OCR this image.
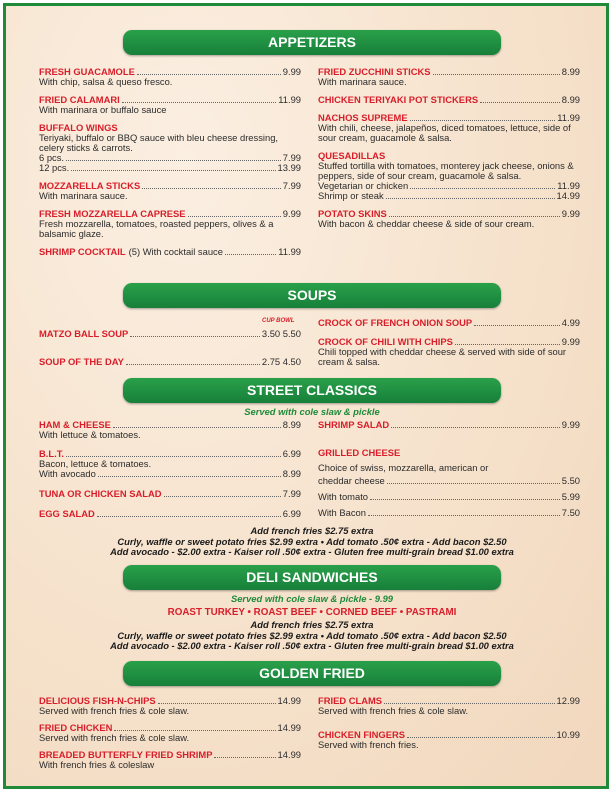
APPETIZERS
FRESH GUACAMOLE	9.99
With chip, salsa & queso fresco.
FRIED CALAMARI	11.99
With marinara or buffalo sauce
BUFFALO WINGS
Teriyaki, buffalo or BBQ sauce with bleu cheese dressing, celery sticks & carrots.
6 pcs.	7.99
12 pcs.	13.99
MOZZARELLA STICKS	7.99
With marinara sauce.
FRESH MOZZARELLA CAPRESE	9.99
Fresh mozzarella, tomatoes, roasted peppers, olives & a balsamic glaze.
SHRIMP COCKTAIL (5) With cocktail sauce	11.99
FRIED ZUCCHINI STICKS	8.99
With marinara sauce.
CHICKEN TERIYAKI POT STICKERS	8.99
NACHOS SUPREME	11.99
With chili, cheese, jalapeños, diced tomatoes, lettuce, side of sour cream, guacamole & salsa.
QUESADILLAS
Stuffed tortilla with tomatoes, monterey jack cheese, onions & peppers, side of sour cream, guacamole & salsa.
Vegetarian or chicken	11.99
Shrimp or steak	14.99
POTATO SKINS	9.99
With bacon & cheddar cheese & side of sour cream.
SOUPS
CUP BOWL
MATZO BALL SOUP	3.50 5.50
SOUP OF THE DAY	2.75 4.50
CROCK OF FRENCH ONION SOUP	4.99
CROCK OF CHILI WITH CHIPS	9.99
Chili topped with cheddar cheese & served with side of sour cream & salsa.
STREET CLASSICS
Served with cole slaw & pickle
HAM & CHEESE	8.99
With lettuce & tomatoes.
B.L.T.	6.99
Bacon, lettuce & tomatoes.
With avocado	8.99
TUNA OR CHICKEN SALAD	7.99
EGG SALAD	6.99
SHRIMP SALAD	9.99
GRILLED CHEESE
Choice of swiss, mozzarella, american or
cheddar cheese	5.50
With tomato	5.99
With Bacon	7.50
Add french fries $2.75 extra
Curly, waffle or sweet potato fries $2.99 extra • Add tomato .50¢ extra - Add bacon $2.50
Add avocado - $2.00 extra - Kaiser roll .50¢ extra - Gluten free multi-grain bread $1.00 extra
DELI SANDWICHES
Served with cole slaw & pickle - 9.99
ROAST TURKEY • ROAST BEEF • CORNED BEEF • PASTRAMI
Add french fries $2.75 extra
Curly, waffle or sweet potato fries $2.99 extra • Add tomato .50¢ extra - Add bacon $2.50
Add avocado - $2.00 extra - Kaiser roll .50¢ extra - Gluten free multi-grain bread $1.00 extra
GOLDEN FRIED
DELICIOUS FISH-N-CHIPS	14.99
Served with french fries & cole slaw.
FRIED CHICKEN	14.99
Served with french fries & cole slaw.
BREADED BUTTERFLY FRIED SHRIMP	14.99
With french fries & coleslaw
FRIED CLAMS	12.99
Served with french fries & cole slaw.
CHICKEN FINGERS	10.99
Served with french fries.
